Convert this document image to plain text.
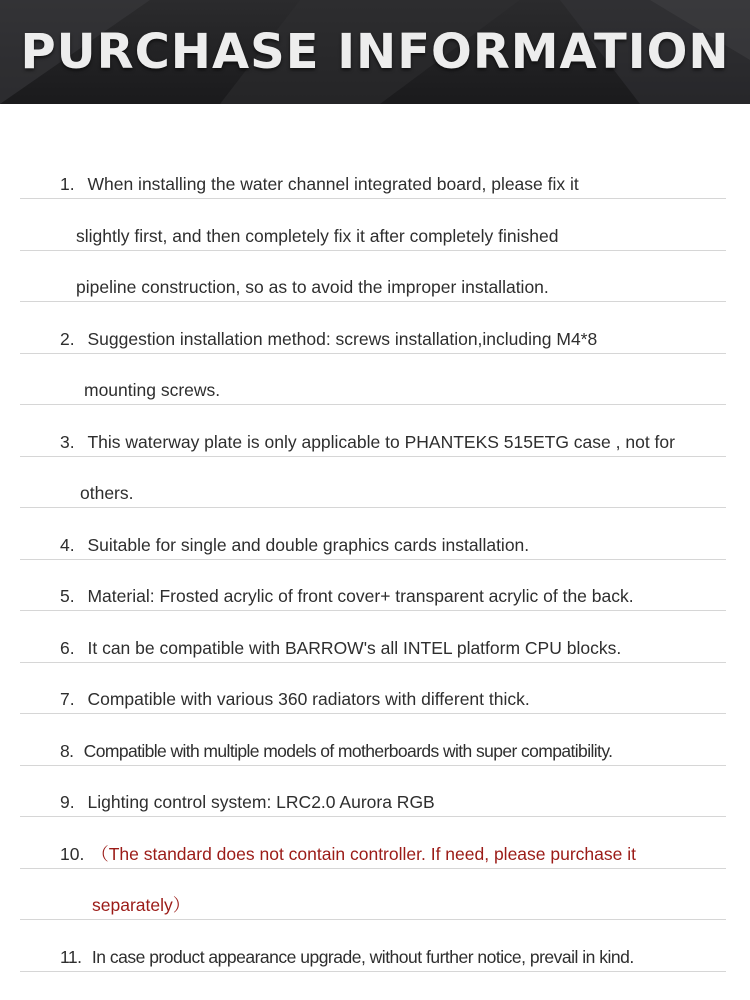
PURCHASE INFORMATION
1. When installing the water channel integrated board, please fix it
slightly first, and then completely fix it after completely finished
pipeline construction, so as to avoid the improper installation.
2. Suggestion installation method: screws installation,including M4*8
mounting screws.
3. This waterway plate is only applicable to PHANTEKS 515ETG case , not for
others.
4. Suitable for single and double graphics cards installation.
5. Material: Frosted acrylic of front cover+ transparent acrylic of the back.
6. It can be compatible with BARROW's all INTEL platform CPU blocks.
7. Compatible with various 360 radiators with different thick.
8. Compatible with multiple models of motherboards with super compatibility.
9. Lighting control system: LRC2.0 Aurora RGB
10. （The standard does not contain controller. If need, please purchase it
separately）
11. In case product appearance upgrade, without further notice, prevail in kind.
